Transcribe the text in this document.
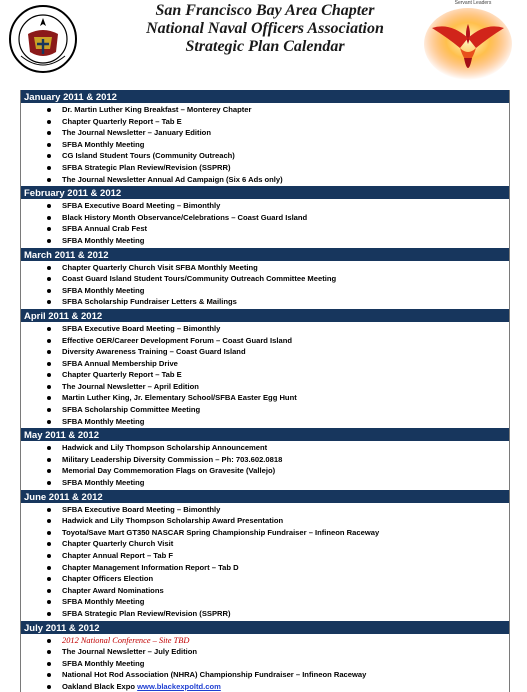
San Francisco Bay Area Chapter
National Naval Officers Association
Strategic Plan Calendar
Servant Leaders
January 2011 & 2012
Dr. Martin Luther King Breakfast – Monterey Chapter
Chapter Quarterly Report – Tab E
The Journal Newsletter – January Edition
SFBA Monthly Meeting
CG Island Student Tours (Community Outreach)
SFBA Strategic Plan Review/Revision (SSPRR)
The Journal Newsletter Annual Ad Campaign (Six 6 Ads only)
February 2011 & 2012
SFBA Executive Board Meeting – Bimonthly
Black History Month Observance/Celebrations – Coast Guard Island
SFBA Annual Crab Fest
SFBA Monthly Meeting
March 2011 & 2012
Chapter Quarterly Church Visit SFBA Monthly Meeting
Coast Guard Island Student Tours/Community Outreach Committee Meeting
SFBA Monthly Meeting
SFBA Scholarship Fundraiser Letters & Mailings
April 2011 & 2012
SFBA Executive Board Meeting – Bimonthly
Effective OER/Career Development Forum – Coast Guard Island
Diversity Awareness Training – Coast Guard Island
SFBA Annual Membership Drive
Chapter Quarterly Report – Tab E
The Journal Newsletter – April Edition
Martin Luther King, Jr. Elementary School/SFBA Easter Egg Hunt
SFBA Scholarship Committee Meeting
SFBA Monthly Meeting
May 2011 & 2012
Hadwick and Lily Thompson Scholarship Announcement
Military Leadership Diversity Commission – Ph: 703.602.0818
Memorial Day Commemoration Flags on Gravesite (Vallejo)
SFBA Monthly Meeting
June 2011 & 2012
SFBA Executive Board Meeting – Bimonthly
Hadwick and Lily Thompson Scholarship Award Presentation
Toyota/Save Mart GT350 NASCAR Spring Championship Fundraiser – Infineon Raceway
Chapter Quarterly Church Visit
Chapter Annual Report – Tab F
Chapter Management Information Report – Tab D
Chapter Officers Election
Chapter Award Nominations
SFBA Monthly Meeting
SFBA Strategic Plan Review/Revision (SSPRR)
July 2011 & 2012
2012 National Conference – Site TBD
The Journal Newsletter – July Edition
SFBA Monthly Meeting
National Hot Rod Association (NHRA) Championship Fundraiser – Infineon Raceway
Oakland Black Expo www.blackexpoltd.com
